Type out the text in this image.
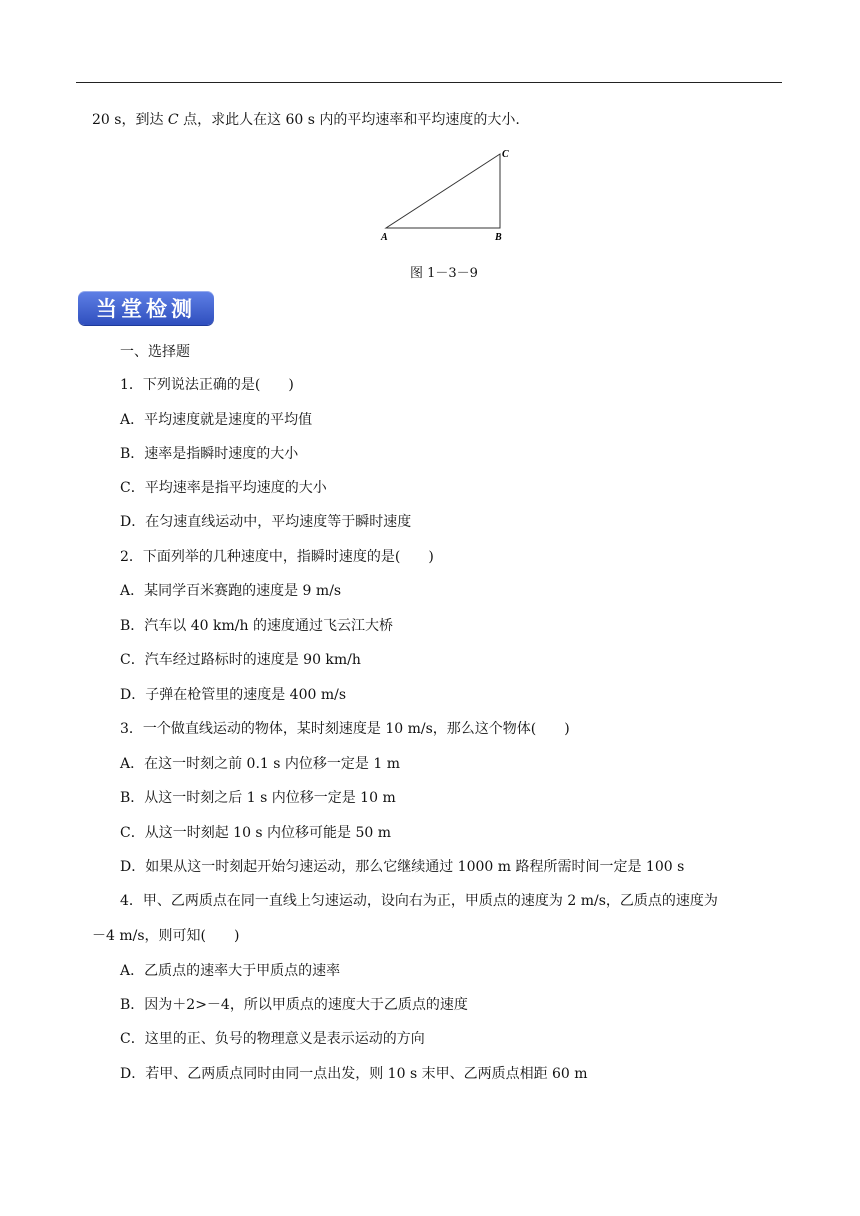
20 s，到达 C 点，求此人在这 60 s 内的平均速率和平均速度的大小.
A	B
C
图 1－3－9
当堂检测
一、选择题
1．下列说法正确的是(　　)
A．平均速度就是速度的平均值
B．速率是指瞬时速度的大小
C．平均速率是指平均速度的大小
D．在匀速直线运动中，平均速度等于瞬时速度
2．下面列举的几种速度中，指瞬时速度的是(　　)
A．某同学百米赛跑的速度是 9 m/s
B．汽车以 40 km/h 的速度通过飞云江大桥
C．汽车经过路标时的速度是 90 km/h
D．子弹在枪管里的速度是 400 m/s
3．一个做直线运动的物体，某时刻速度是 10 m/s，那么这个物体(　　)
A．在这一时刻之前 0.1 s 内位移一定是 1 m
B．从这一时刻之后 1 s 内位移一定是 10 m
C．从这一时刻起 10 s 内位移可能是 50 m
D．如果从这一时刻起开始匀速运动，那么它继续通过 1000 m 路程所需时间一定是 100 s
4．甲、乙两质点在同一直线上匀速运动，设向右为正，甲质点的速度为 2 m/s，乙质点的速度为
－4 m/s，则可知(　　)
A．乙质点的速率大于甲质点的速率
B．因为＋2>－4，所以甲质点的速度大于乙质点的速度
C．这里的正、负号的物理意义是表示运动的方向
D．若甲、乙两质点同时由同一点出发，则 10 s 末甲、乙两质点相距 60 m
